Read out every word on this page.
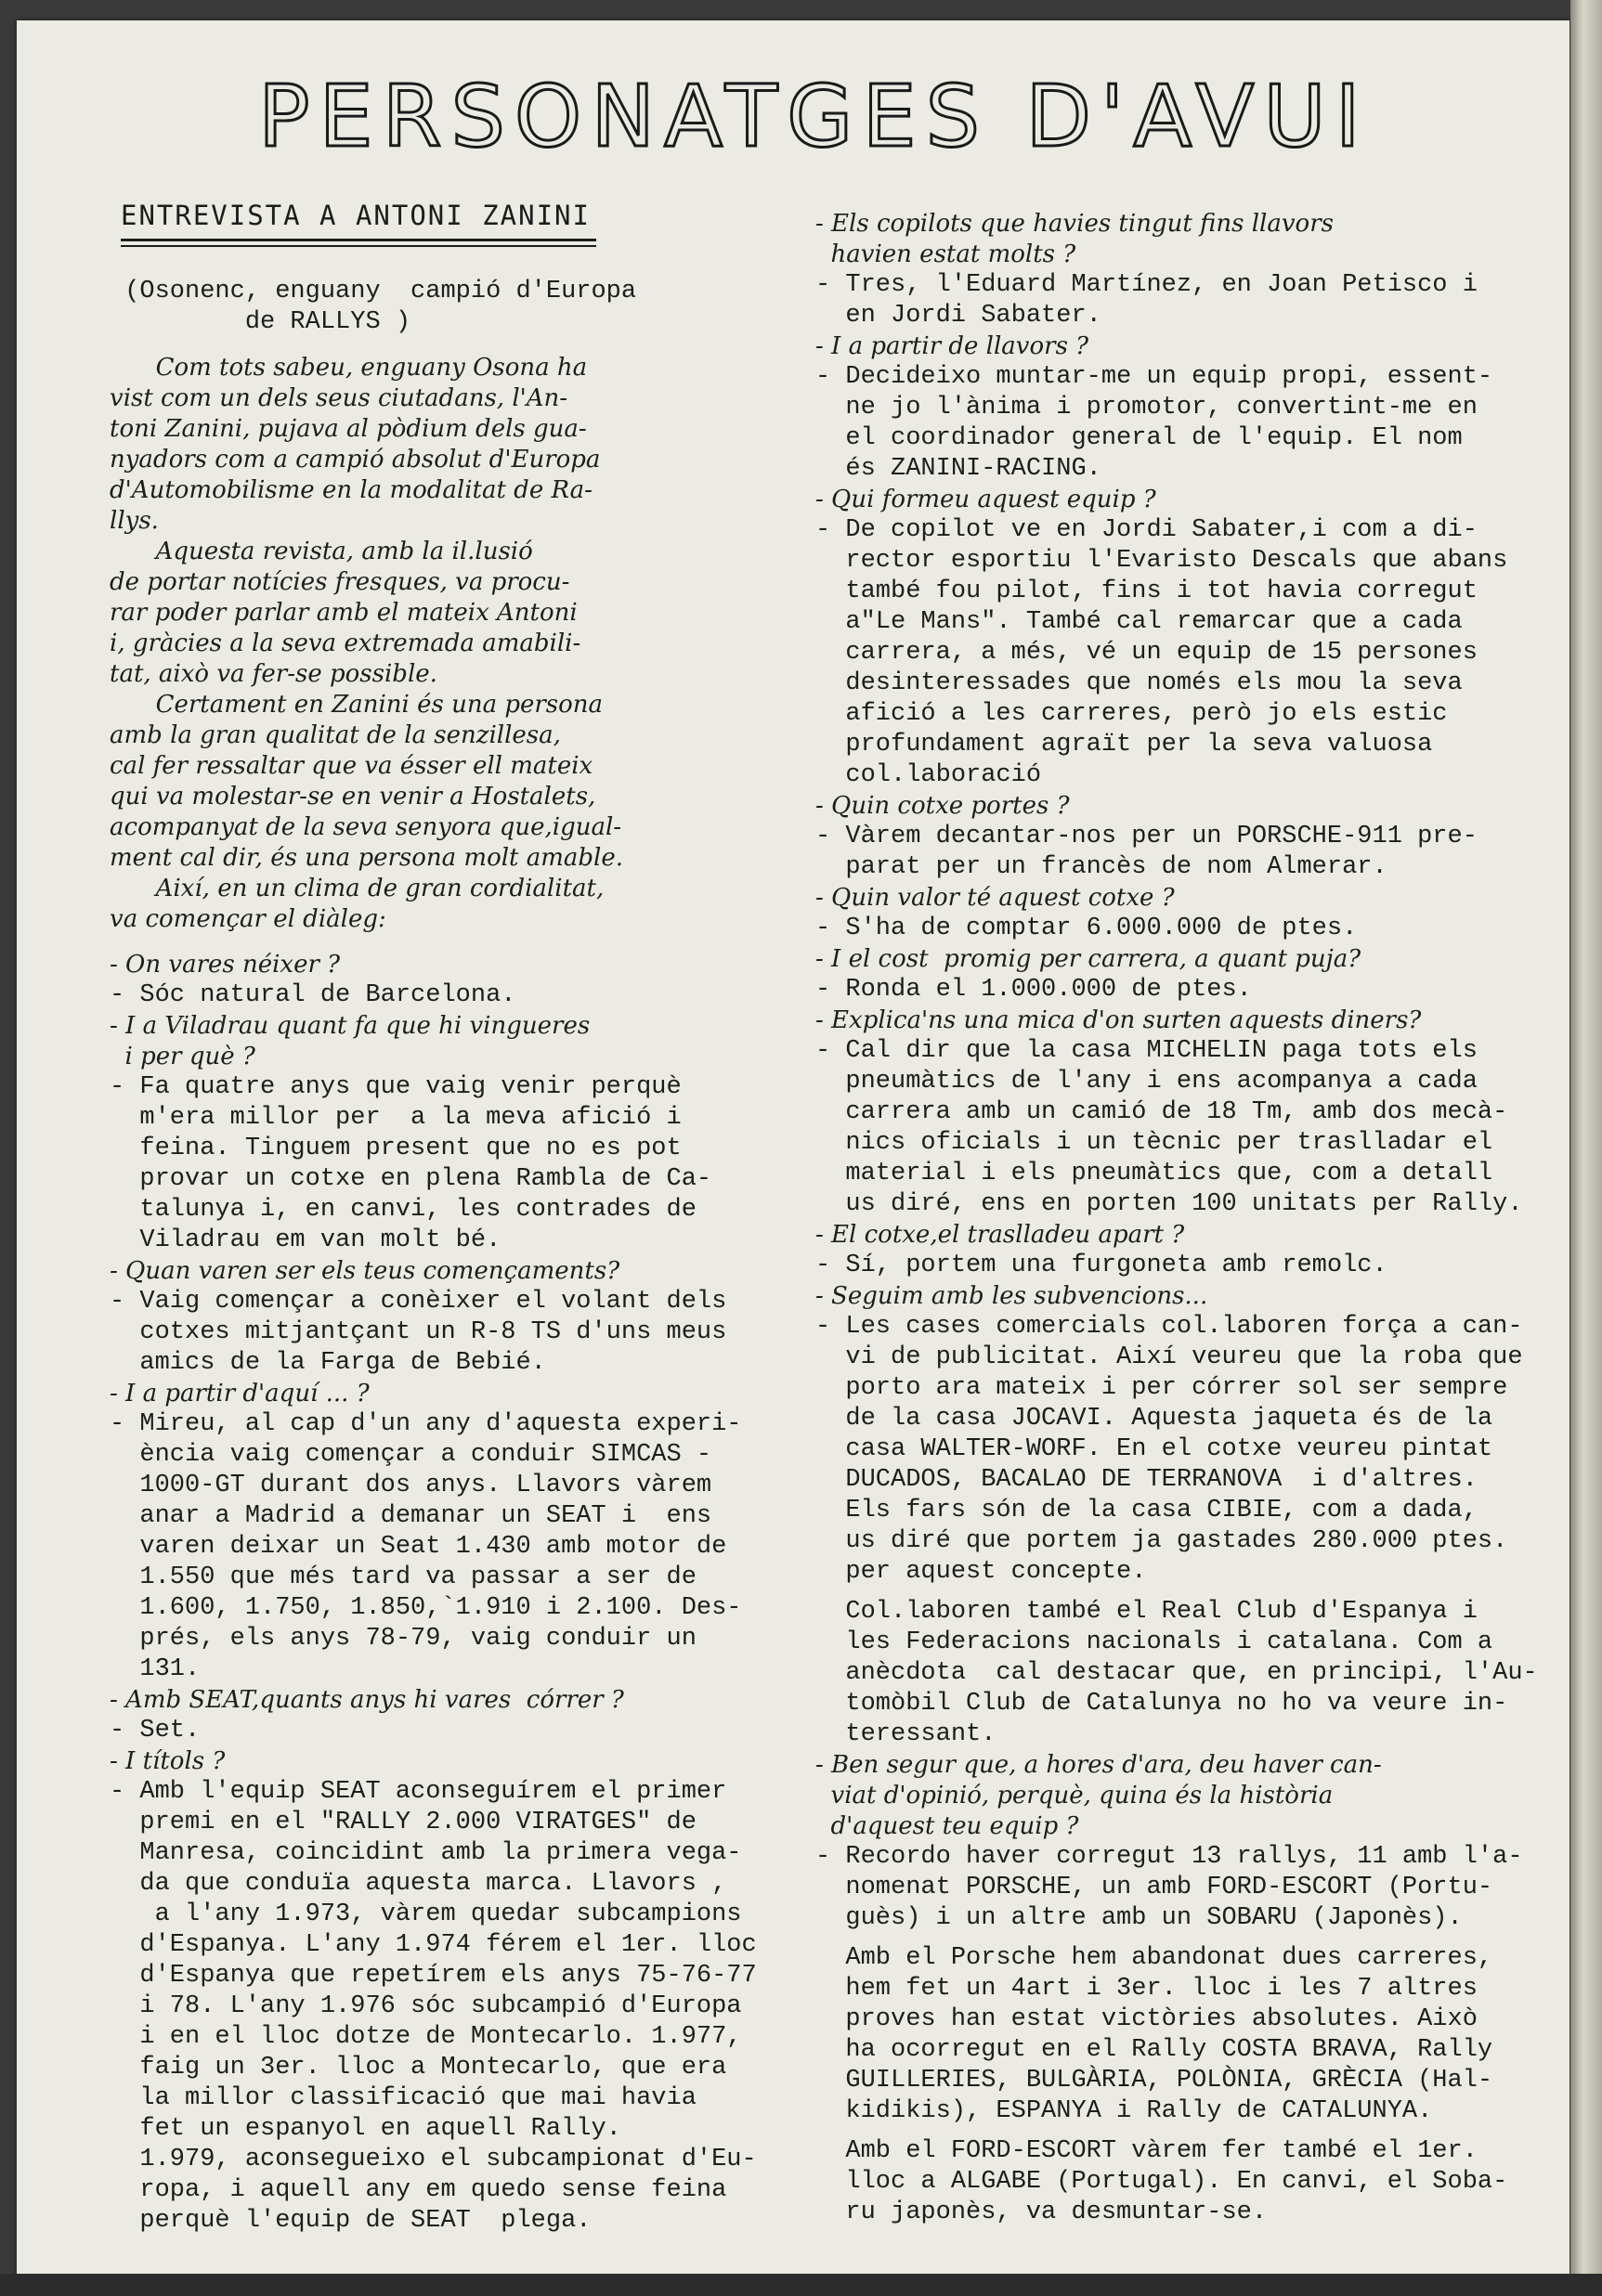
PERSONATGES D'AVUI
ENTREVISTA A ANTONI ZANINI
(Osonenc, enguany  campió d'Europa
de RALLYS )
Com tots sabeu, enguany Osona ha
vist com un dels seus ciutadans, l'An-
toni Zanini, pujava al pòdium dels gua-
nyadors com a campió absolut d'Europa
d'Automobilisme en la modalitat de Ra-
llys.
Aquesta revista, amb la il.lusió
de portar notícies fresques, va procu-
rar poder parlar amb el mateix Antoni
i, gràcies a la seva extremada amabili-
tat, això va fer-se possible.
Certament en Zanini és una persona
amb la gran qualitat de la senzillesa,
cal fer ressaltar que va ésser ell mateix
qui va molestar-se en venir a Hostalets,
acompanyat de la seva senyora que,igual-
ment cal dir, és una persona molt amable.
Així, en un clima de gran cordialitat,
va començar el diàleg:
- On vares néixer ?
- Sóc natural de Barcelona.
- I a Viladrau quant fa que hi vingueres
i per què ?
- Fa quatre anys que vaig venir perquè
m'era millor per  a la meva afició i
feina. Tinguem present que no es pot
provar un cotxe en plena Rambla de Ca-
talunya i, en canvi, les contrades de
Viladrau em van molt bé.
- Quan varen ser els teus començaments?
- Vaig començar a conèixer el volant dels
cotxes mitjantçant un R-8 TS d'uns meus
amics de la Farga de Bebié.
- I a partir d'aquí ... ?
- Mireu, al cap d'un any d'aquesta experi-
ència vaig començar a conduir SIMCAS -
1000-GT durant dos anys. Llavors vàrem
anar a Madrid a demanar un SEAT i  ens
varen deixar un Seat 1.430 amb motor de
1.550 que més tard va passar a ser de
1.600, 1.750, 1.850,`1.910 i 2.100. Des-
prés, els anys 78-79, vaig conduir un
131.
- Amb SEAT,quants anys hi vares  córrer ?
- Set.
- I títols ?
- Amb l'equip SEAT aconseguírem el primer
premi en el "RALLY 2.000 VIRATGES" de
Manresa, coincidint amb la primera vega-
da que conduïa aquesta marca. Llavors ,
a l'any 1.973, vàrem quedar subcampions
d'Espanya. L'any 1.974 férem el 1er. lloc
d'Espanya que repetírem els anys 75-76-77
i 78. L'any 1.976 sóc subcampió d'Europa
i en el lloc dotze de Montecarlo. 1.977,
faig un 3er. lloc a Montecarlo, que era
la millor classificació que mai havia
fet un espanyol en aquell Rally.
1.979, aconsegueixo el subcampionat d'Eu-
ropa, i aquell any em quedo sense feina
perquè l'equip de SEAT  plega.
- Els copilots que havies tingut fins llavors
havien estat molts ?
- Tres, l'Eduard Martínez, en Joan Petisco i
en Jordi Sabater.
- I a partir de llavors ?
- Decideixo muntar-me un equip propi, essent-
ne jo l'ànima i promotor, convertint-me en
el coordinador general de l'equip. El nom
és ZANINI-RACING.
- Qui formeu aquest equip ?
- De copilot ve en Jordi Sabater,i com a di-
rector esportiu l'Evaristo Descals que abans
també fou pilot, fins i tot havia corregut
a"Le Mans". També cal remarcar que a cada
carrera, a més, vé un equip de 15 persones
desinteressades que només els mou la seva
afició a les carreres, però jo els estic
profundament agraït per la seva valuosa
col.laboració
- Quin cotxe portes ?
- Vàrem decantar-nos per un PORSCHE-911 pre-
parat per un francès de nom Almerar.
- Quin valor té aquest cotxe ?
- S'ha de comptar 6.000.000 de ptes.
- I el cost  promig per carrera, a quant puja?
- Ronda el 1.000.000 de ptes.
- Explica'ns una mica d'on surten aquests diners?
- Cal dir que la casa MICHELIN paga tots els
pneumàtics de l'any i ens acompanya a cada
carrera amb un camió de 18 Tm, amb dos mecà-
nics oficials i un tècnic per traslladar el
material i els pneumàtics que, com a detall
us diré, ens en porten 100 unitats per Rally.
- El cotxe,el traslladeu apart ?
- Sí, portem una furgoneta amb remolc.
- Seguim amb les subvencions...
- Les cases comercials col.laboren força a can-
vi de publicitat. Així veureu que la roba que
porto ara mateix i per córrer sol ser sempre
de la casa JOCAVI. Aquesta jaqueta és de la
casa WALTER-WORF. En el cotxe veureu pintat
DUCADOS, BACALAO DE TERRANOVA  i d'altres.
Els fars són de la casa CIBIE, com a dada,
us diré que portem ja gastades 280.000 ptes.
per aquest concepte.
Col.laboren també el Real Club d'Espanya i
les Federacions nacionals i catalana. Com a
anècdota  cal destacar que, en principi, l'Au-
tomòbil Club de Catalunya no ho va veure in-
teressant.
- Ben segur que, a hores d'ara, deu haver can-
viat d'opinió, perquè, quina és la història
d'aquest teu equip ?
- Recordo haver corregut 13 rallys, 11 amb l'a-
nomenat PORSCHE, un amb FORD-ESCORT (Portu-
guès) i un altre amb un SOBARU (Japonès).
Amb el Porsche hem abandonat dues carreres,
hem fet un 4art i 3er. lloc i les 7 altres
proves han estat victòries absolutes. Això
ha ocorregut en el Rally COSTA BRAVA, Rally
GUILLERIES, BULGÀRIA, POLÒNIA, GRÈCIA (Hal-
kidikis), ESPANYA i Rally de CATALUNYA.
Amb el FORD-ESCORT vàrem fer també el 1er.
lloc a ALGABE (Portugal). En canvi, el Soba-
ru japonès, va desmuntar-se.
